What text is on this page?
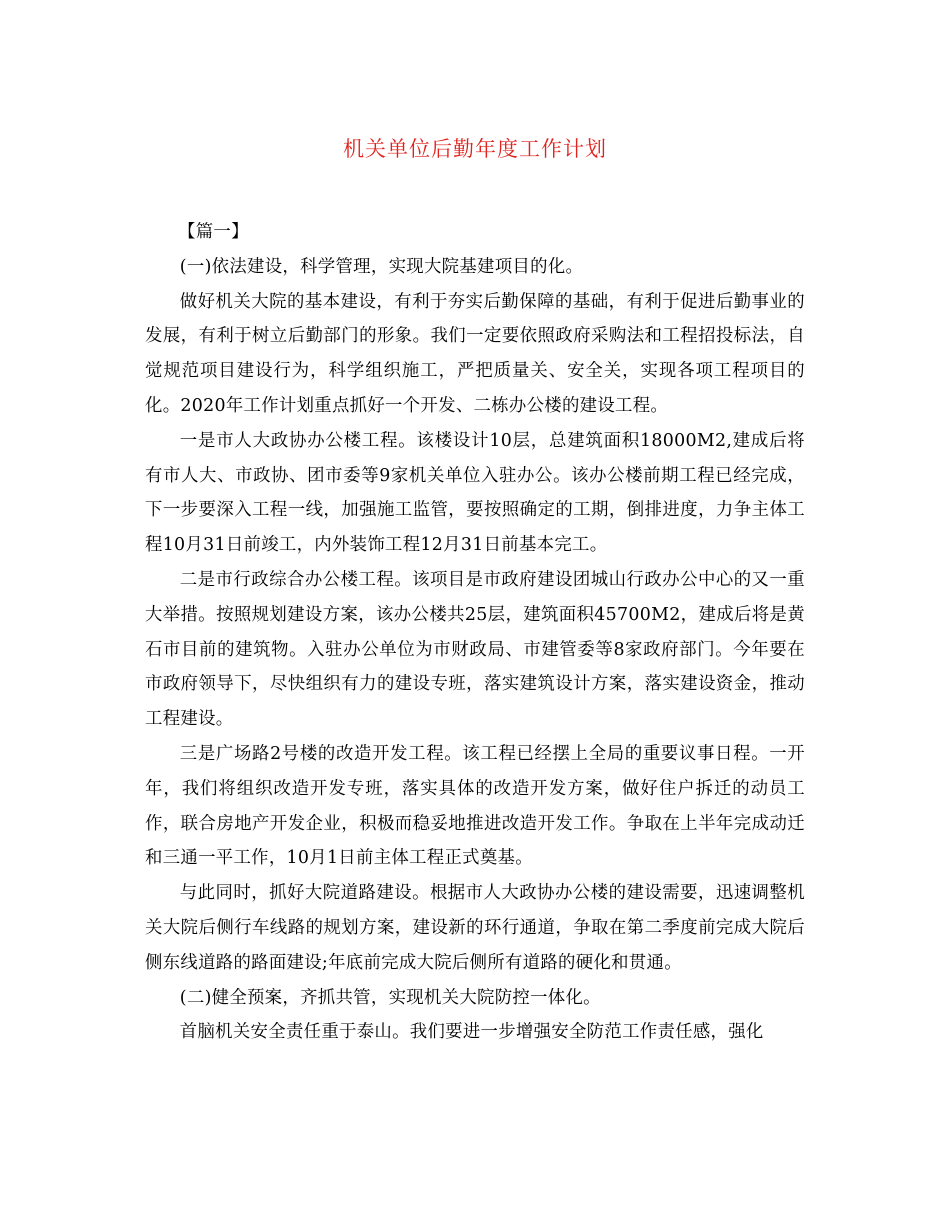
机关单位后勤年度工作计划

【篇一】

(一)依法建设，科学管理，实现大院基建项目的化。

做好机关大院的基本建设，有利于夯实后勤保障的基础，有利于促进后勤事业的发展，有利于树立后勤部门的形象。我们一定要依照政府采购法和工程招投标法，自觉规范项目建设行为，科学组织施工，严把质量关、安全关，实现各项工程项目的化。2020年工作计划重点抓好一个开发、二栋办公楼的建设工程。

一是市人大政协办公楼工程。该楼设计10层，总建筑面积18000M2,建成后将有市人大、市政协、团市委等9家机关单位入驻办公。该办公楼前期工程已经完成，下一步要深入工程一线，加强施工监管，要按照确定的工期，倒排进度，力争主体工程10月31日前竣工，内外装饰工程12月31日前基本完工。

二是市行政综合办公楼工程。该项目是市政府建设团城山行政办公中心的又一重大举措。按照规划建设方案，该办公楼共25层，建筑面积45700M2，建成后将是黄石市目前的建筑物。入驻办公单位为市财政局、市建管委等8家政府部门。今年要在市政府领导下，尽快组织有力的建设专班，落实建筑设计方案，落实建设资金，推动工程建设。

三是广场路2号楼的改造开发工程。该工程已经摆上全局的重要议事日程。一开年，我们将组织改造开发专班，落实具体的改造开发方案，做好住户拆迁的动员工作，联合房地产开发企业，积极而稳妥地推进改造开发工作。争取在上半年完成动迁和三通一平工作，10月1日前主体工程正式奠基。

与此同时，抓好大院道路建设。根据市人大政协办公楼的建设需要，迅速调整机关大院后侧行车线路的规划方案，建设新的环行通道，争取在第二季度前完成大院后侧东线道路的路面建设;年底前完成大院后侧所有道路的硬化和贯通。

(二)健全预案，齐抓共管，实现机关大院防控一体化。

首脑机关安全责任重于泰山。我们要进一步增强安全防范工作责任感，强化
